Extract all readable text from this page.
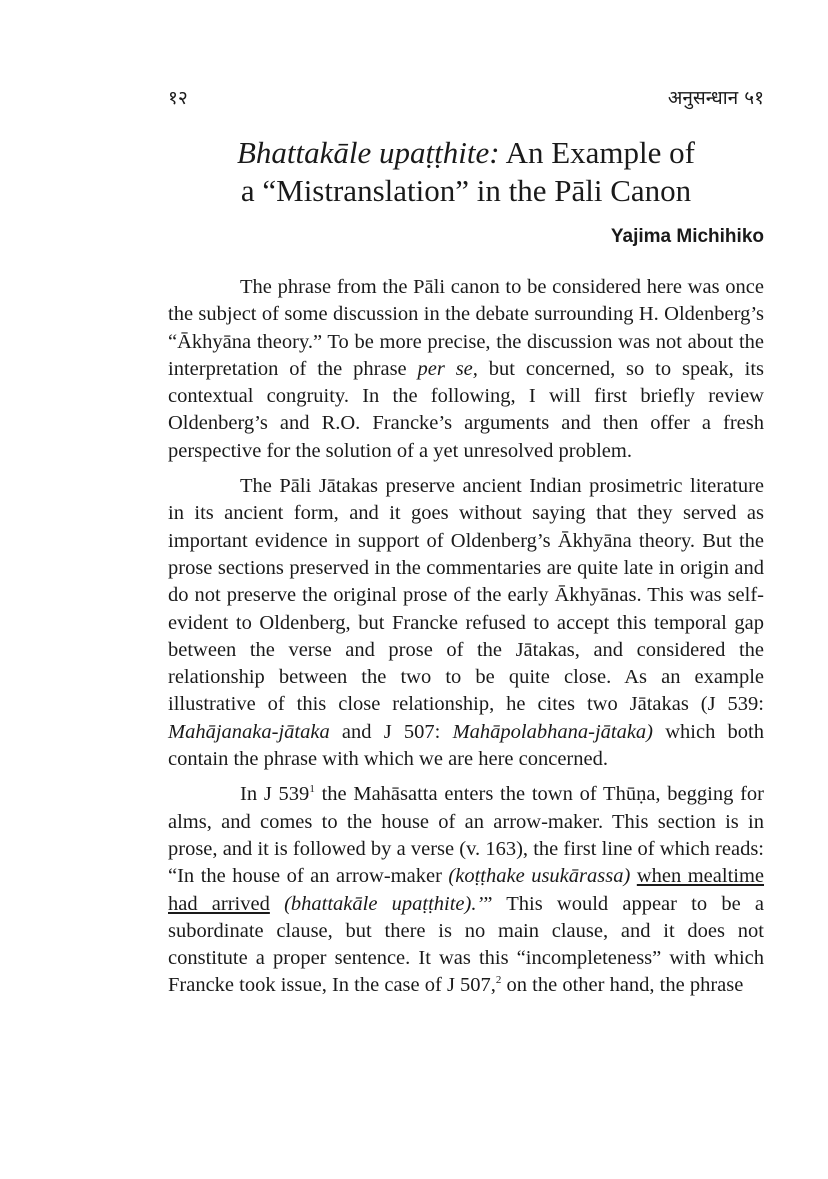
१२	अनुसन्धान ५१
Bhattakāle upaṭṭhite: An Example of
a “Mistranslation” in the Pāli Canon
Yajima Michihiko

The phrase from the Pāli canon to be considered here was once the subject of some discussion in the debate surrounding H. Oldenberg’s “Ākhyāna theory.” To be more precise, the discussion was not about the interpretation of the phrase per se, but concerned, so to speak, its contextual congruity. In the following, I will first briefly review Oldenberg’s and R.O. Francke’s arguments and then offer a fresh perspective for the solution of a yet unresolved problem.

The Pāli Jātakas preserve ancient Indian prosimetric literature in its ancient form, and it goes without saying that they served as important evidence in support of Oldenberg’s Ākhyāna theory. But the prose sections preserved in the commentaries are quite late in origin and do not preserve the original prose of the early Ākhyānas. This was self-evident to Oldenberg, but Francke refused to accept this temporal gap between the verse and prose of the Jātakas, and considered the relationship between the two to be quite close. As an example illustrative of this close relationship, he cites two Jātakas (J 539: Mahājanaka-jātaka and J 507: Mahāpolabhana-jātaka) which both contain the phrase with which we are here concerned.

In J $539^1$ the Mahāsatta enters the town of Thūṇa, begging for alms, and comes to the house of an arrow-maker. This section is in prose, and it is followed by a verse (v. 163), the first line of which reads: “In the house of an arrow-maker (koṭṭhake usukārassa) when mealtime had arrived (bhattakāle upaṭṭhite).’” This would appear to be a subordinate clause, but there is no main clause, and it does not constitute a proper sentence. It was this “incompleteness” with which Francke took issue, In the case of J 507,$^2$ on the other hand, the phrase
